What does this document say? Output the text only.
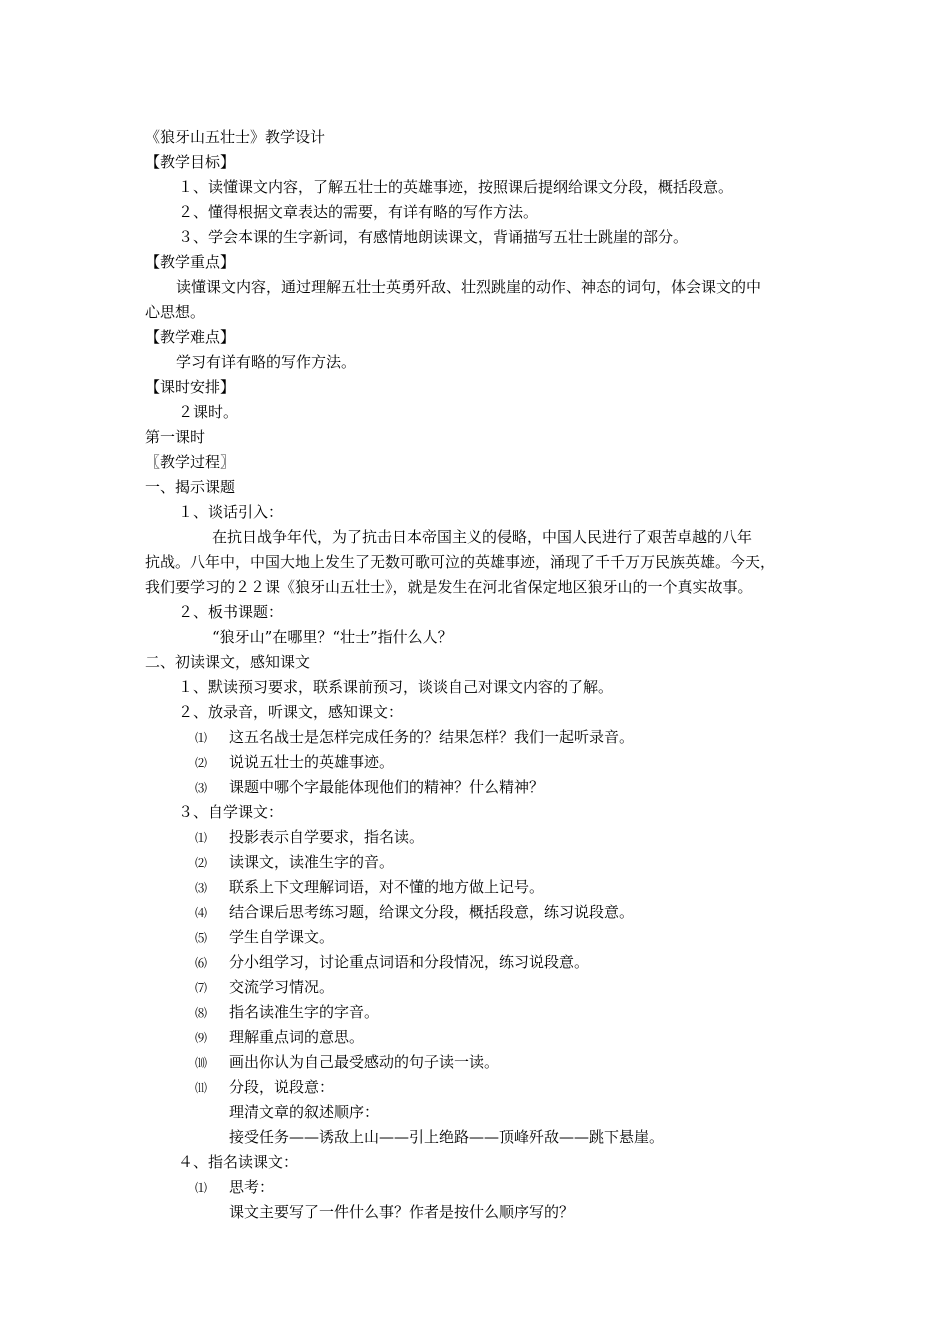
《狼牙山五壮士》教学设计
【教学目标】
１、读懂课文内容，了解五壮士的英雄事迹，按照课后提纲给课文分段，概括段意。
２、懂得根据文章表达的需要，有详有略的写作方法。
３、学会本课的生字新词，有感情地朗读课文，背诵描写五壮士跳崖的部分。
【教学重点】
读懂课文内容，通过理解五壮士英勇歼敌、壮烈跳崖的动作、神态的词句，体会课文的中
心思想。
【教学难点】
学习有详有略的写作方法。
【课时安排】
２课时。
第一课时
〖教学过程〗
一、揭示课题
１、谈话引入：
在抗日战争年代，为了抗击日本帝国主义的侵略，中国人民进行了艰苦卓越的八年
抗战。八年中，中国大地上发生了无数可歌可泣的英雄事迹，涌现了千千万万民族英雄。今天，
我们要学习的２２课《狼牙山五壮士》，就是发生在河北省保定地区狼牙山的一个真实故事。
２、板书课题：
“狼牙山”在哪里？“壮士”指什么人？
二、初读课文，感知课文
１、默读预习要求，联系课前预习，谈谈自己对课文内容的了解。
２、放录音，听课文，感知课文：
⑴ 这五名战士是怎样完成任务的？结果怎样？我们一起听录音。
⑵ 说说五壮士的英雄事迹。
⑶ 课题中哪个字最能体现他们的精神？什么精神？
３、自学课文：
⑴ 投影表示自学要求，指名读。
⑵ 读课文，读准生字的音。
⑶ 联系上下文理解词语，对不懂的地方做上记号。
⑷ 结合课后思考练习题，给课文分段，概括段意，练习说段意。
⑸ 学生自学课文。
⑹ 分小组学习，讨论重点词语和分段情况，练习说段意。
⑺ 交流学习情况。
⑻ 指名读准生字的字音。
⑼ 理解重点词的意思。
⑽ 画出你认为自己最受感动的句子读一读。
⑾ 分段，说段意：
理清文章的叙述顺序：
接受任务——诱敌上山——引上绝路——顶峰歼敌——跳下悬崖。
４、指名读课文：
⑴ 思考：
课文主要写了一件什么事？作者是按什么顺序写的？
